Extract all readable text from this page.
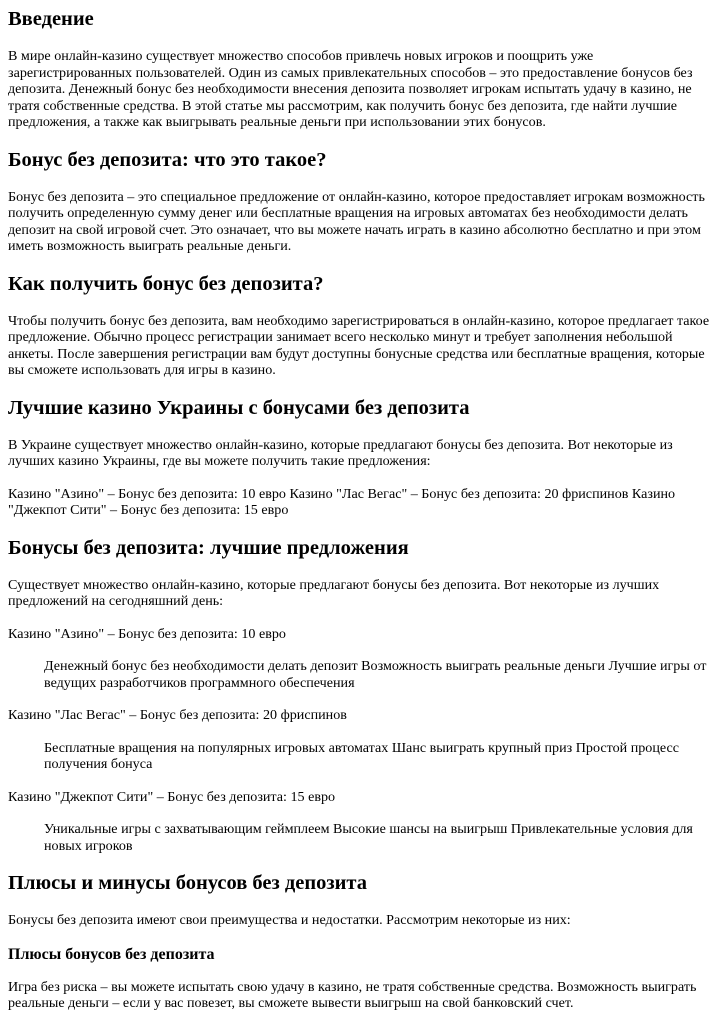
Введение

В мире онлайн-казино существует множество способов привлечь новых игроков и поощрить уже зарегистрированных пользователей. Один из самых привлекательных способов – это предоставление бонусов без депозита. Денежный бонус без необходимости внесения депозита позволяет игрокам испытать удачу в казино, не тратя собственные средства. В этой статье мы рассмотрим, как получить бонус без депозита, где найти лучшие предложения, а также как выигрывать реальные деньги при использовании этих бонусов.

Бонус без депозита: что это такое?

Бонус без депозита – это специальное предложение от онлайн-казино, которое предоставляет игрокам возможность получить определенную сумму денег или бесплатные вращения на игровых автоматах без необходимости делать депозит на свой игровой счет. Это означает, что вы можете начать играть в казино абсолютно бесплатно и при этом иметь возможность выиграть реальные деньги.

Как получить бонус без депозита?

Чтобы получить бонус без депозита, вам необходимо зарегистрироваться в онлайн-казино, которое предлагает такое предложение. Обычно процесс регистрации занимает всего несколько минут и требует заполнения небольшой анкеты. После завершения регистрации вам будут доступны бонусные средства или бесплатные вращения, которые вы сможете использовать для игры в казино.

Лучшие казино Украины с бонусами без депозита

В Украине существует множество онлайн-казино, которые предлагают бонусы без депозита. Вот некоторые из лучших казино Украины, где вы можете получить такие предложения:

Казино "Азино" – Бонус без депозита: 10 евро Казино "Лас Вегас" – Бонус без депозита: 20 фриспинов Казино "Джекпот Сити" – Бонус без депозита: 15 евро

Бонусы без депозита: лучшие предложения

Существует множество онлайн-казино, которые предлагают бонусы без депозита. Вот некоторые из лучших предложений на сегодняшний день:

Казино "Азино" – Бонус без депозита: 10 евро

Денежный бонус без необходимости делать депозит Возможность выиграть реальные деньги Лучшие игры от ведущих разработчиков программного обеспечения

Казино "Лас Вегас" – Бонус без депозита: 20 фриспинов

Бесплатные вращения на популярных игровых автоматах Шанс выиграть крупный приз Простой процесс получения бонуса

Казино "Джекпот Сити" – Бонус без депозита: 15 евро

Уникальные игры с захватывающим геймплеем Высокие шансы на выигрыш Привлекательные условия для новых игроков
Плюсы и минусы бонусов без депозита

Бонусы без депозита имеют свои преимущества и недостатки. Рассмотрим некоторые из них:

Плюсы бонусов без депозита

Игра без риска – вы можете испытать свою удачу в казино, не тратя собственные средства. Возможность выиграть реальные деньги – если у вас повезет, вы сможете вывести выигрыш на свой банковский счет.
